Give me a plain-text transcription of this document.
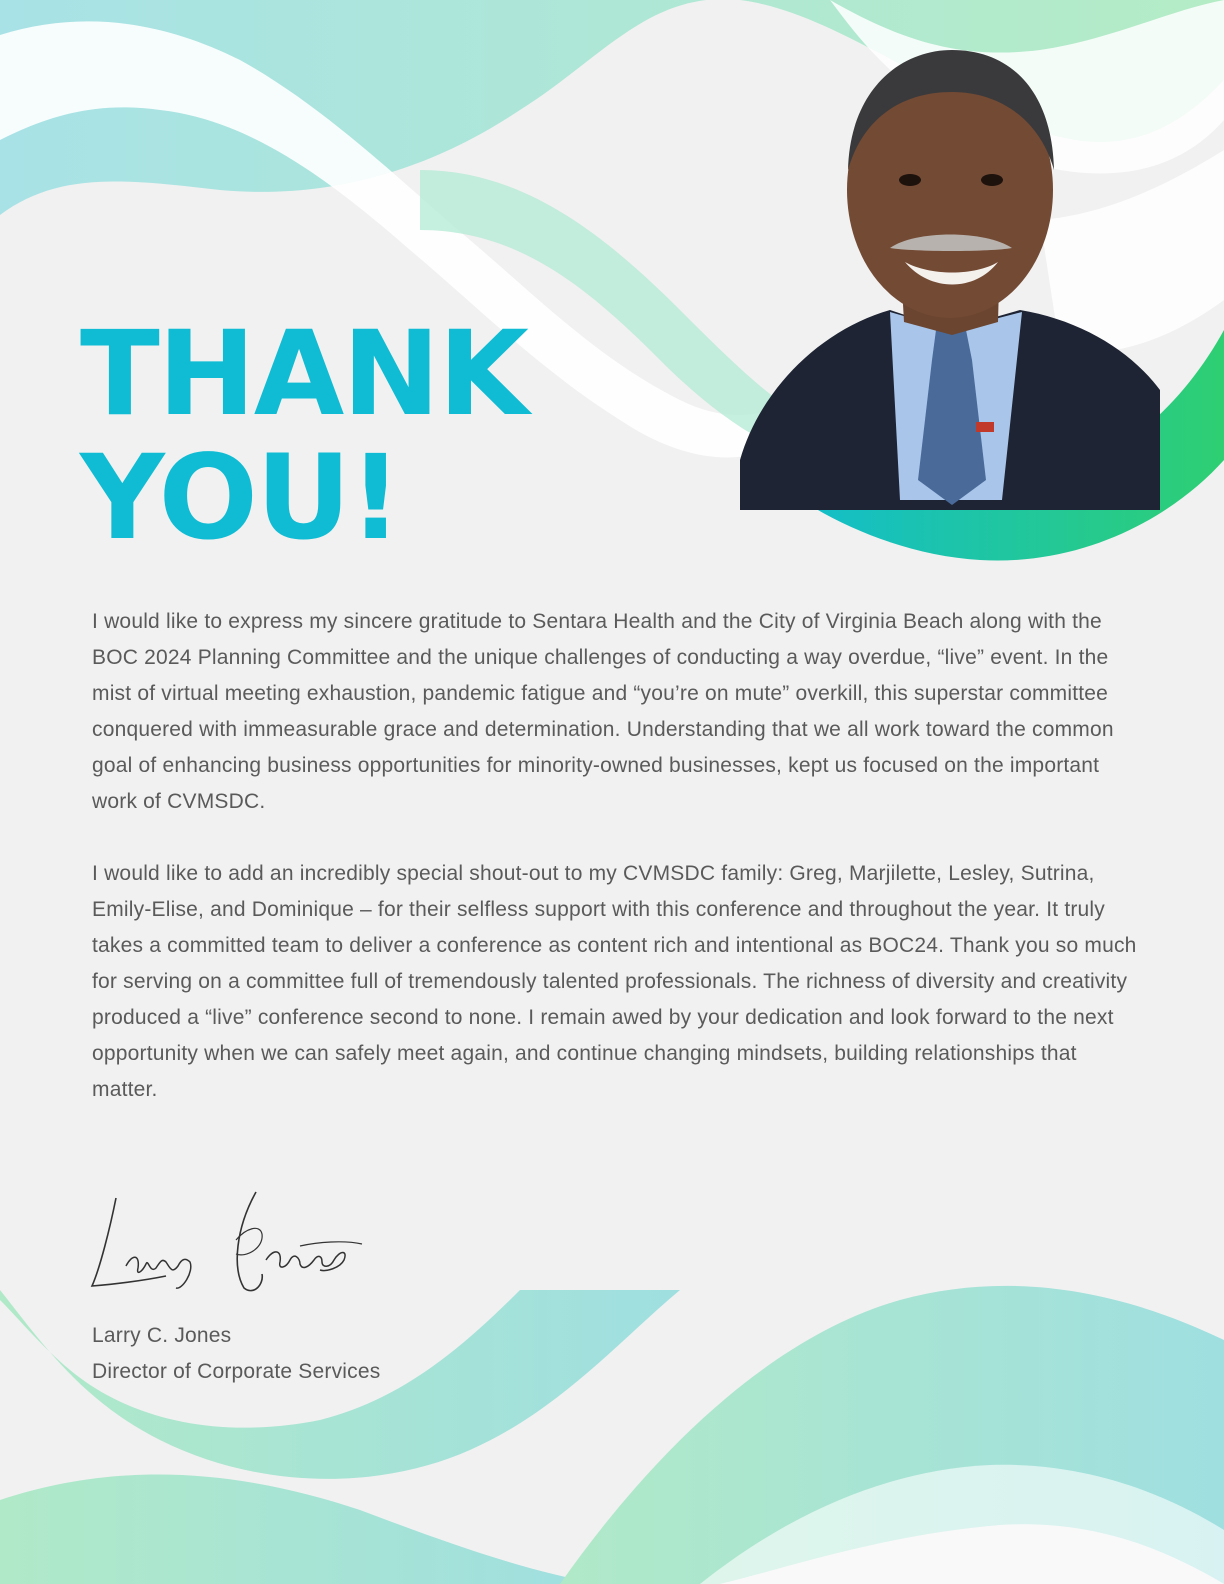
THANK
YOU!

I would like to express my sincere gratitude to Sentara Health and the City of Virginia Beach along with the BOC 2024 Planning Committee and the unique challenges of conducting a way overdue, “live” event. In the mist of virtual meeting exhaustion, pandemic fatigue and “you’re on mute” overkill, this superstar committee conquered with immeasurable grace and determination. Understanding that we all work toward the common goal of enhancing business opportunities for minority-owned businesses, kept us focused on the important work of CVMSDC.

I would like to add an incredibly special shout-out to my CVMSDC family: Greg, Marjilette, Lesley, Sutrina, Emily-Elise, and Dominique – for their selfless support with this conference and throughout the year. It truly takes a committed team to deliver a conference as content rich and intentional as BOC24. Thank you so much for serving on a committee full of tremendously talented professionals. The richness of diversity and creativity produced a “live” conference second to none. I remain awed by your dedication and look forward to the next opportunity when we can safely meet again, and continue changing mindsets, building relationships that matter.

Larry C. Jones
Director of Corporate Services
